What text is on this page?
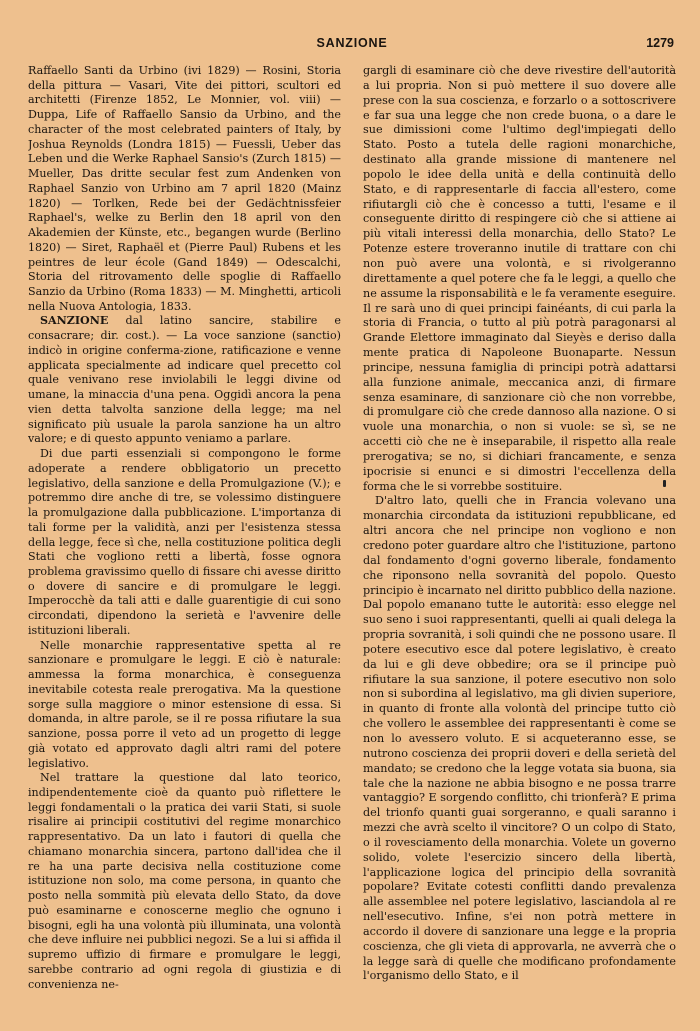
SANZIONE	1279

Raffaello Santi da Urbino (ivi 1829) — Rosini, Storia della pittura — Vasari, Vite dei pittori, scultori ed architetti (Firenze 1852, Le Monnier, vol. viii) — Duppa, Life of Raffaello Sansio da Urbino, and the character of the most celebrated painters of Italy, by Joshua Reynolds (Londra 1815) — Fuessli, Ueber das Leben und die Werke Raphael Sansio's (Zurch 1815) — Mueller, Das dritte secular fest zum Andenken von Raphael Sanzio von Urbino am 7 april 1820 (Mainz 1820) — Torlken, Rede bei der Gedächtnissfeier Raphael's, welke zu Berlin den 18 april von den Akademien der Künste, etc., begangen wurde (Berlino 1820) — Siret, Raphaël et (Pierre Paul) Rubens et les peintres de leur école (Gand 1849) — Odescalchi, Storia del ritrovamento delle spoglie di Raffaello Sanzio da Urbino (Roma 1833) — M. Minghetti, articoli nella Nuova Antologia, 1833.

SANZIONE dal latino sancire, stabilire e consacrare; dir. cost.). — La voce sanzione (sanctio) indicò in origine conferma-zione, ratificazione e venne applicata specialmente ad indicare quel precetto col quale venivano rese inviolabili le leggi divine od umane, la minaccia d'una pena. Oggidì ancora la pena vien detta talvolta sanzione della legge; ma nel significato più usuale la parola sanzione ha un altro valore; e di questo appunto veniamo a parlare.

Di due parti essenziali si compongono le forme adoperate a rendere obbligatorio un precetto legislativo, della sanzione e della Promulgazione (V.); e potremmo dire anche di tre, se volessimo distinguere la promulgazione dalla pubblicazione. L'importanza di tali forme per la validità, anzi per l'esistenza stessa della legge, fece sì che, nella costituzione politica degli Stati che vogliono retti a libertà, fosse ognora problema gravissimo quello di fissare chi avesse diritto o dovere di sancire e di promulgare le leggi. Imperocchè da tali atti e dalle guarentigie di cui sono circondati, dipendono la serietà e l'avvenire delle istituzioni liberali.

Nelle monarchie rappresentative spetta al re sanzionare e promulgare le leggi. E ciò è naturale: ammessa la forma monarchica, è conseguenza inevitabile cotesta reale prerogativa. Ma la questione sorge sulla maggiore o minor estensione di essa. Si domanda, in altre parole, se il re possa rifiutare la sua sanzione, possa porre il veto ad un progetto di legge già votato ed approvato dagli altri rami del potere legislativo.

Nel trattare la questione dal lato teorico, indipendentemente cioè da quanto può riflettere le leggi fondamentali o la pratica dei varii Stati, si suole risalire ai principii costitutivi del regime monarchico rappresentativo. Da un lato i fautori di quella che chiamano monarchia sincera, partono dall'idea che il re ha una parte decisiva nella costituzione come istituzione non solo, ma come persona, in quanto che posto nella sommità più elevata dello Stato, da dove può esaminarne e conoscerne meglio che ognuno i bisogni, egli ha una volontà più illuminata, una volontà che deve influire nei pubblici negozi. Se a lui si affida il supremo uffizio di firmare e promulgare le leggi, sarebbe contrario ad ogni regola di giustizia e di convenienza ne-

gargli di esaminare ciò che deve rivestire dell'autorità a lui propria. Non si può mettere il suo dovere alle prese con la sua coscienza, e forzarlo o a sottoscrivere e far sua una legge che non crede buona, o a dare le sue dimissioni come l'ultimo degl'impiegati dello Stato. Posto a tutela delle ragioni monarchiche, destinato alla grande missione di mantenere nel popolo le idee della unità e della continuità dello Stato, e di rappresentarle di faccia all'estero, come rifiutargli ciò che è concesso a tutti, l'esame e il conseguente diritto di respingere ciò che si attiene ai più vitali interessi della monarchia, dello Stato? Le Potenze estere troveranno inutile di trattare con chi non può avere una volontà, e si rivolgeranno direttamente a quel potere che fa le leggi, a quello che ne assume la risponsabilità e le fa veramente eseguire. Il re sarà uno di quei principi fainéants, di cui parla la storia di Francia, o tutto al più potrà paragonarsi al Grande Elettore immaginato dal Sieyès e deriso dalla mente pratica di Napoleone Buonaparte. Nessun principe, nessuna famiglia di principi potrà adattarsi alla funzione animale, meccanica anzi, di firmare senza esaminare, di sanzionare ciò che non vorrebbe, di promulgare ciò che crede dannoso alla nazione. O si vuole una monarchia, o non si vuole: se sì, se ne accetti ciò che ne è inseparabile, il rispetto alla reale prerogativa; se no, si dichiari francamente, e senza ipocrisie si enunci e si dimostri l'eccellenza della forma che le si vorrebbe sostituire.

D'altro lato, quelli che in Francia volevano una monarchia circondata da istituzioni repubblicane, ed altri ancora che nel principe non vogliono e non credono poter guardare altro che l'istituzione, partono dal fondamento d'ogni governo liberale, fondamento che riponsono nella sovranità del popolo. Questo principio è incarnato nel diritto pubblico della nazione. Dal popolo emanano tutte le autorità: esso elegge nel suo seno i suoi rappresentanti, quelli ai quali delega la propria sovranità, i soli quindi che ne possono usare. Il potere esecutivo esce dal potere legislativo, è creato da lui e gli deve obbedire; ora se il principe può rifiutare la sua sanzione, il potere esecutivo non solo non si subordina al legislativo, ma gli divien superiore, in quanto di fronte alla volontà del principe tutto ciò che vollero le assemblee dei rappresentanti è come se non lo avessero voluto. E si acqueteranno esse, se nutrono coscienza dei proprii doveri e della serietà del mandato; se credono che la legge votata sia buona, sia tale che la nazione ne abbia bisogno e ne possa trarre vantaggio? E sorgendo conflitto, chi trionferà? E prima del trionfo quanti guai sorgeranno, e quali saranno i mezzi che avrà scelto il vincitore? O un colpo di Stato, o il rovesciamento della monarchia. Volete un governo solido, volete l'esercizio sincero della libertà, l'applicazione logica del principio della sovranità popolare? Evitate cotesti conflitti dando prevalenza alle assemblee nel potere legislativo, lasciandola al re nell'esecutivo. Infine, s'ei non potrà mettere in accordo il dovere di sanzionare una legge e la propria coscienza, che gli vieta di approvarla, ne avverrà che o la legge sarà di quelle che modificano profondamente l'organismo dello Stato, e il
